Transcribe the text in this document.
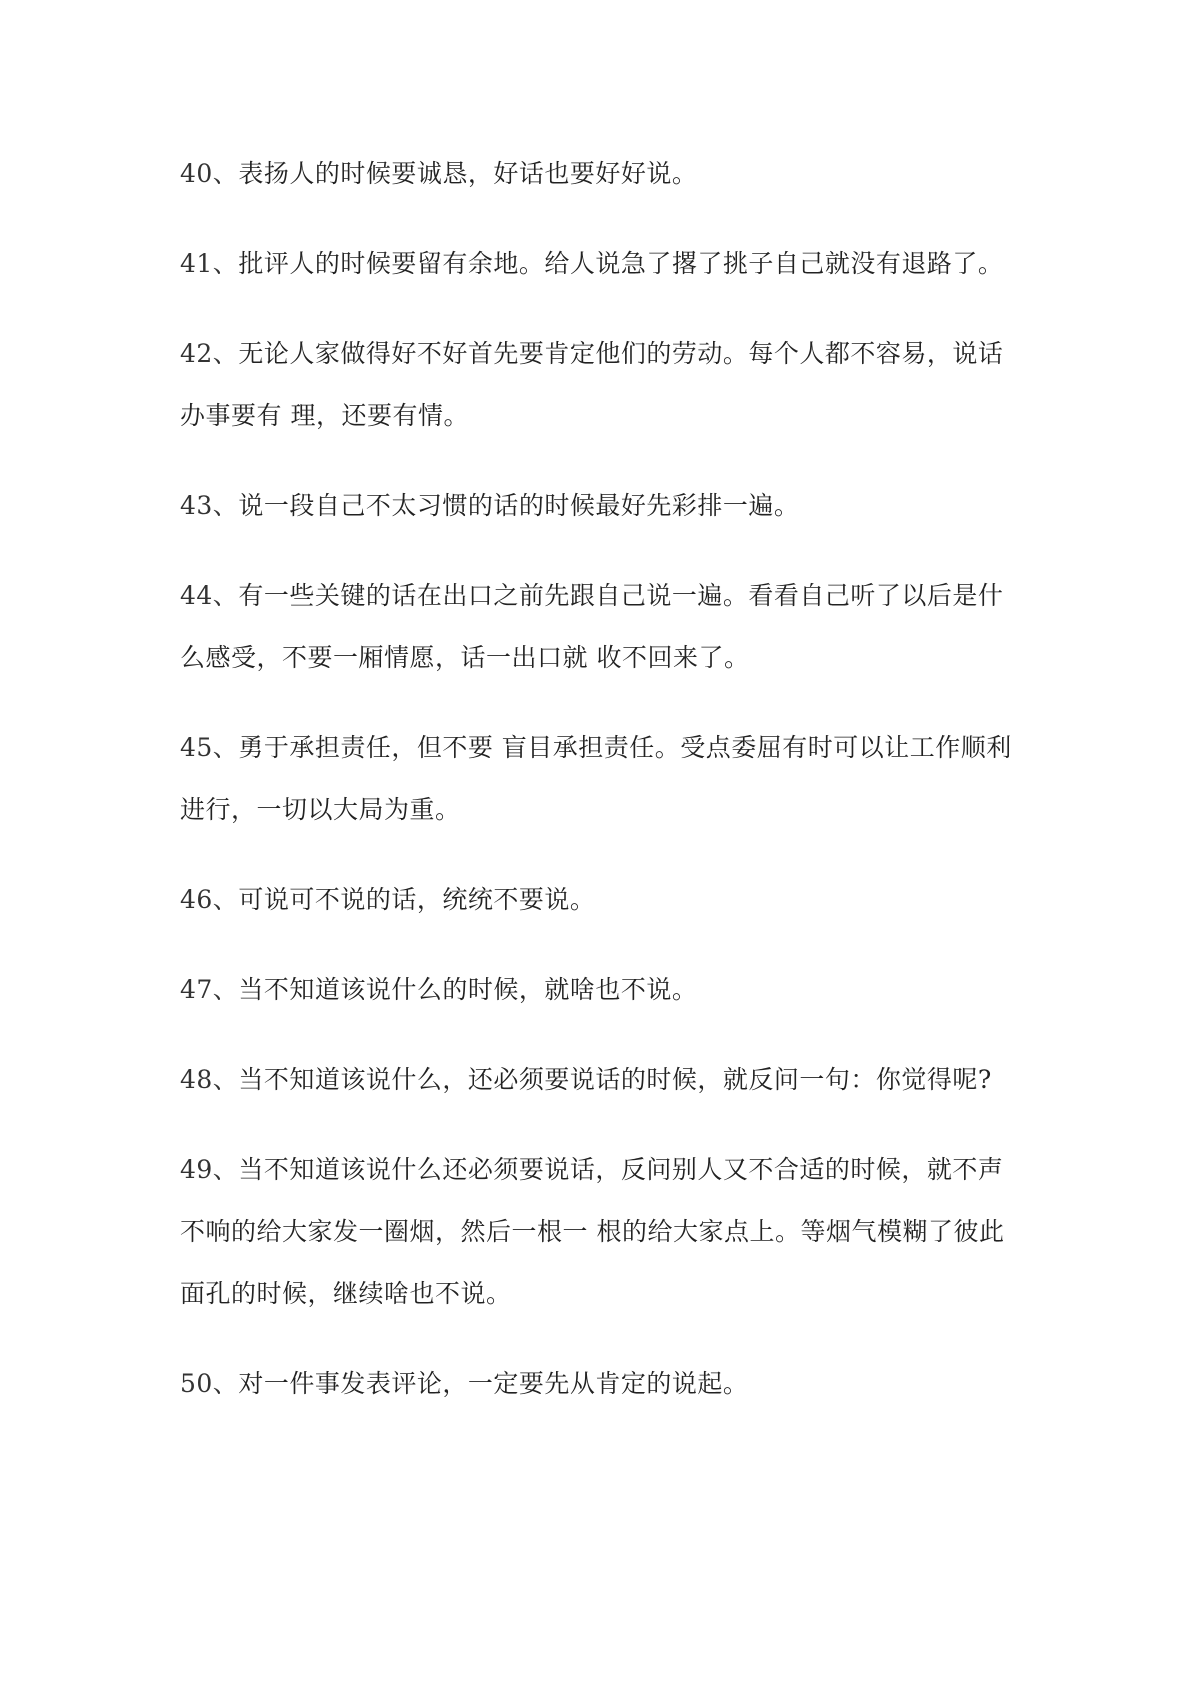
40、表扬人的时候要诚恳，好话也要好好说。

41、批评人的时候要留有余地。给人说急了撂了挑子自己就没有退路了。

42、无论人家做得好不好首先要肯定他们的劳动。每个人都不容易，说话办事要有 理，还要有情。

43、说一段自己不太习惯的话的时候最好先彩排一遍。

44、有一些关键的话在出口之前先跟自己说一遍。看看自己听了以后是什么感受，不要一厢情愿，话一出口就 收不回来了。

45、勇于承担责任，但不要 盲目承担责任。受点委屈有时可以让工作顺利进行，一切以大局为重。

46、可说可不说的话，统统不要说。

47、当不知道该说什么的时候，就啥也不说。

48、当不知道该说什么，还必须要说话的时候，就反问一句：你觉得呢?

49、当不知道该说什么还必须要说话，反问别人又不合适的时候，就不声不响的给大家发一圈烟，然后一根一 根的给大家点上。等烟气模糊了彼此面孔的时候，继续啥也不说。

50、对一件事发表评论，一定要先从肯定的说起。
